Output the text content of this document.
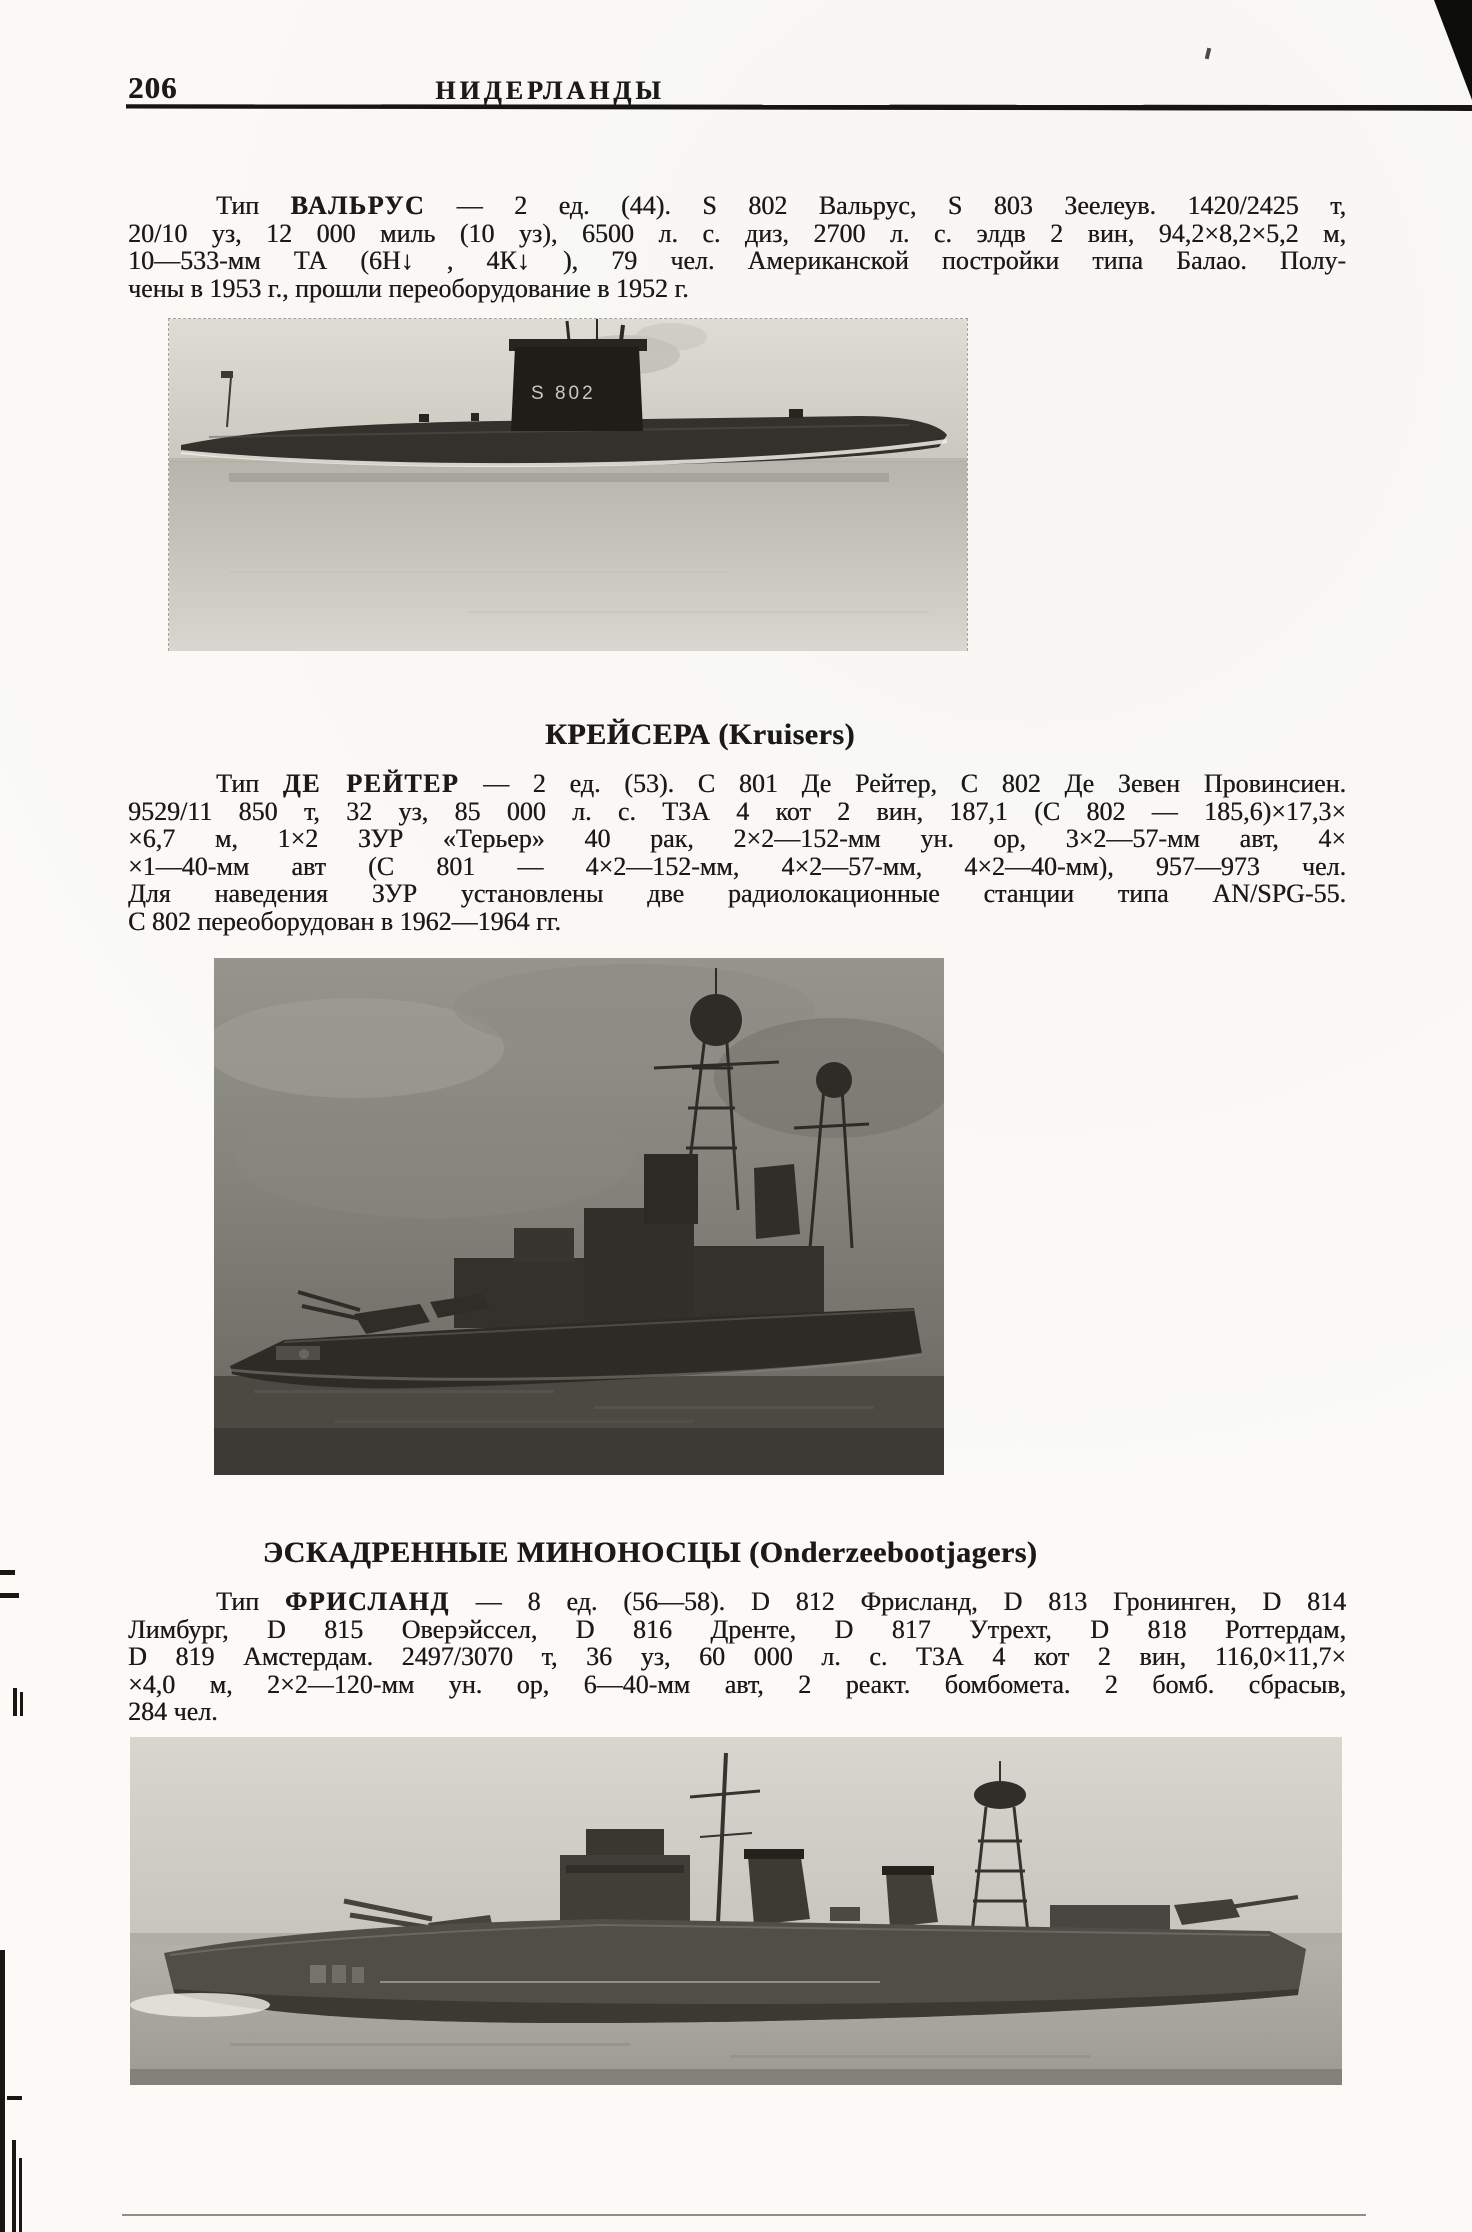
206	НИДЕРЛАНДЫ
Тип ВАЛЬРУС — 2 ед. (44). S 802 Вальрус, S 803 Зеелеув. 1420/2425 т,
20/10 уз, 12 000 миль (10 уз), 6500 л. с. диз, 2700 л. с. элдв 2 вин, 94,2×8,2×5,2 м,
10—533-мм ТА (6Н↓ , 4К↓ ), 79 чел. Американской постройки типа Балао. Полу-
чены в 1953 г., прошли переоборудование в 1952 г.
S 802
КРЕЙСЕРА (Kruisers)
Тип ДЕ РЕЙТЕР — 2 ед. (53). С 801 Де Рейтер, С 802 Де Зевен Провинсиен.
9529/11 850 т, 32 уз, 85 000 л. с. ТЗА 4 кот 2 вин, 187,1 (С 802 — 185,6)×17,3×
×6,7 м, 1×2 ЗУР «Терьер» 40 рак, 2×2—152-мм ун. ор, 3×2—57-мм авт, 4×
×1—40-мм авт (С 801 — 4×2—152-мм, 4×2—57-мм, 4×2—40-мм), 957—973 чел.
Для наведения ЗУР установлены две радиолокационные станции типа AN/SPG-55.
С 802 переоборудован в 1962—1964 гг.
ЭСКАДРЕННЫЕ МИНОНОСЦЫ (Onderzeebootjagers)
Тип ФРИСЛАНД — 8 ед. (56—58). D 812 Фрисланд, D 813 Гронинген, D 814
Лимбург, D 815 Оверэйссел, D 816 Дренте, D 817 Утрехт, D 818 Роттердам,
D 819 Амстердам. 2497/3070 т, 36 уз, 60 000 л. с. ТЗА 4 кот 2 вин, 116,0×11,7×
×4,0 м, 2×2—120-мм ун. ор, 6—40-мм авт, 2 реакт. бомбомета. 2 бомб. сбрасыв,
284 чел.
